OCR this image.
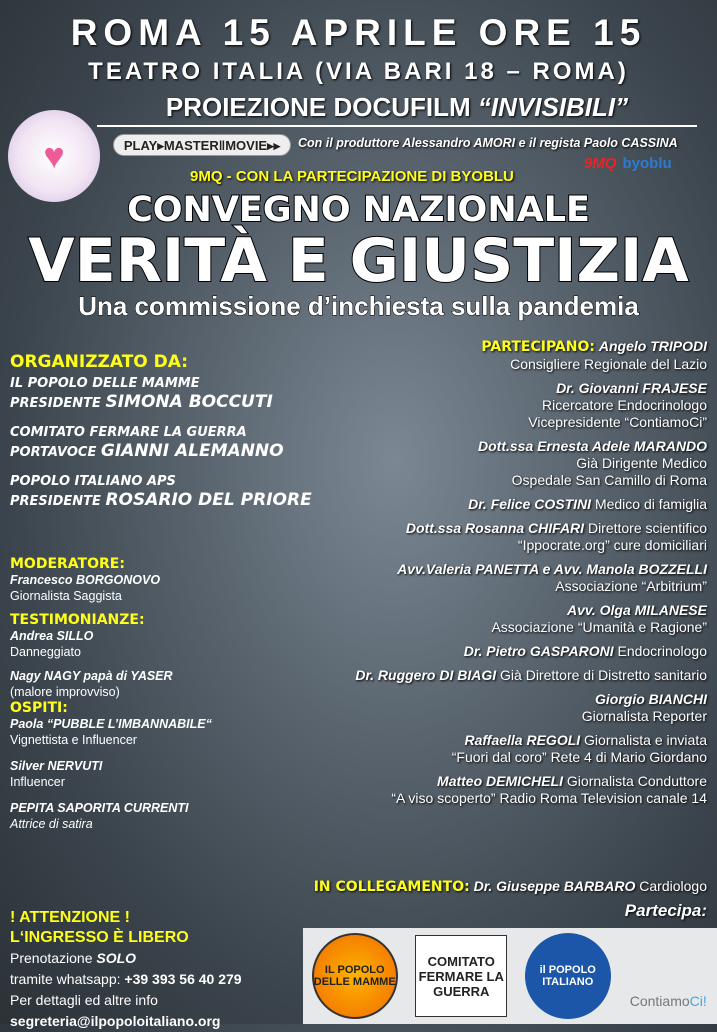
ROMA 15 APRILE ORE 15
TEATRO ITALIA (VIA BARI 18 – ROMA)
PROIEZIONE DOCUFILM “INVISIBILI”
♥	PLAY▸MASTER‖MOVIE▸▸	Con il produttore Alessandro AMORI e il regista Paolo CASSINA
9MQ - CON LA PARTECIPAZIONE DI BYOBLU
9MQ byoblu
CONVEGNO NAZIONALE
VERITÀ E GIUSTIZIA
Una commissione d’inchiesta sulla pandemia
ORGANIZZATO DA:
IL POPOLO DELLE MAMME
PRESIDENTE SIMONA BOCCUTI
COMITATO FERMARE LA GUERRA
PORTAVOCE GIANNI ALEMANNO
POPOLO ITALIANO APS
PRESIDENTE ROSARIO DEL PRIORE
MODERATORE:
Francesco BORGONOVO
Giornalista Saggista
TESTIMONIANZE:
Andrea SILLO
Danneggiato
Nagy NAGY papà di YASER
(malore improvviso)
OSPITI:
Paola “PUBBLE L’IMBANNABILE“
Vignettista e Influencer
Silver NERVUTI
Influencer
PEPITA SAPORITA CURRENTI
Attrice di satira
PARTECIPANO: Angelo TRIPODI
Consigliere Regionale del Lazio
Dr. Giovanni FRAJESE
Ricercatore Endocrinologo
Vicepresidente “ContiamoCi”
Dott.ssa Ernesta Adele MARANDO
Già Dirigente Medico
Ospedale San Camillo di Roma
Dr. Felice COSTINI Medico di famiglia
Dott.ssa Rosanna CHIFARI Direttore scientifico
“Ippocrate.org” cure domiciliari
Avv.Valeria PANETTA e Avv. Manola BOZZELLI
Associazione “Arbitrium”
Avv. Olga MILANESE
Associazione “Umanità e Ragione”
Dr. Pietro GASPARONI Endocrinologo
Dr. Ruggero DI BIAGI Già Direttore di Distretto sanitario
Giorgio BIANCHI
Giornalista Reporter
Raffaella REGOLI Giornalista e inviata
“Fuori dal coro” Rete 4 di Mario Giordano
Matteo DEMICHELI Giornalista Conduttore
“A viso scoperto” Radio Roma Television canale 14
IN COLLEGAMENTO: Dr. Giuseppe BARBARO Cardiologo
Partecipa:
! ATTENZIONE !
L‘INGRESSO È LIBERO
Prenotazione SOLO
tramite whatsapp: +39 393 56 40 279
Per dettagli ed altre info
segreteria@ilpopoloitaliano.org
IL POPOLO DELLE MAMME
COMITATO FERMARE LA GUERRA
il POPOLO ITALIANO
ContiamoCi!
